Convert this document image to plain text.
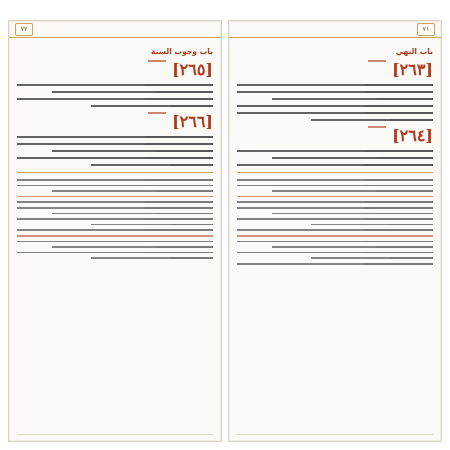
٧٢
باب وجوب السنة
[٢٦٥]
[٢٦٦]
٧١
باب النهي
[٢٦٣]
[٢٦٤]
